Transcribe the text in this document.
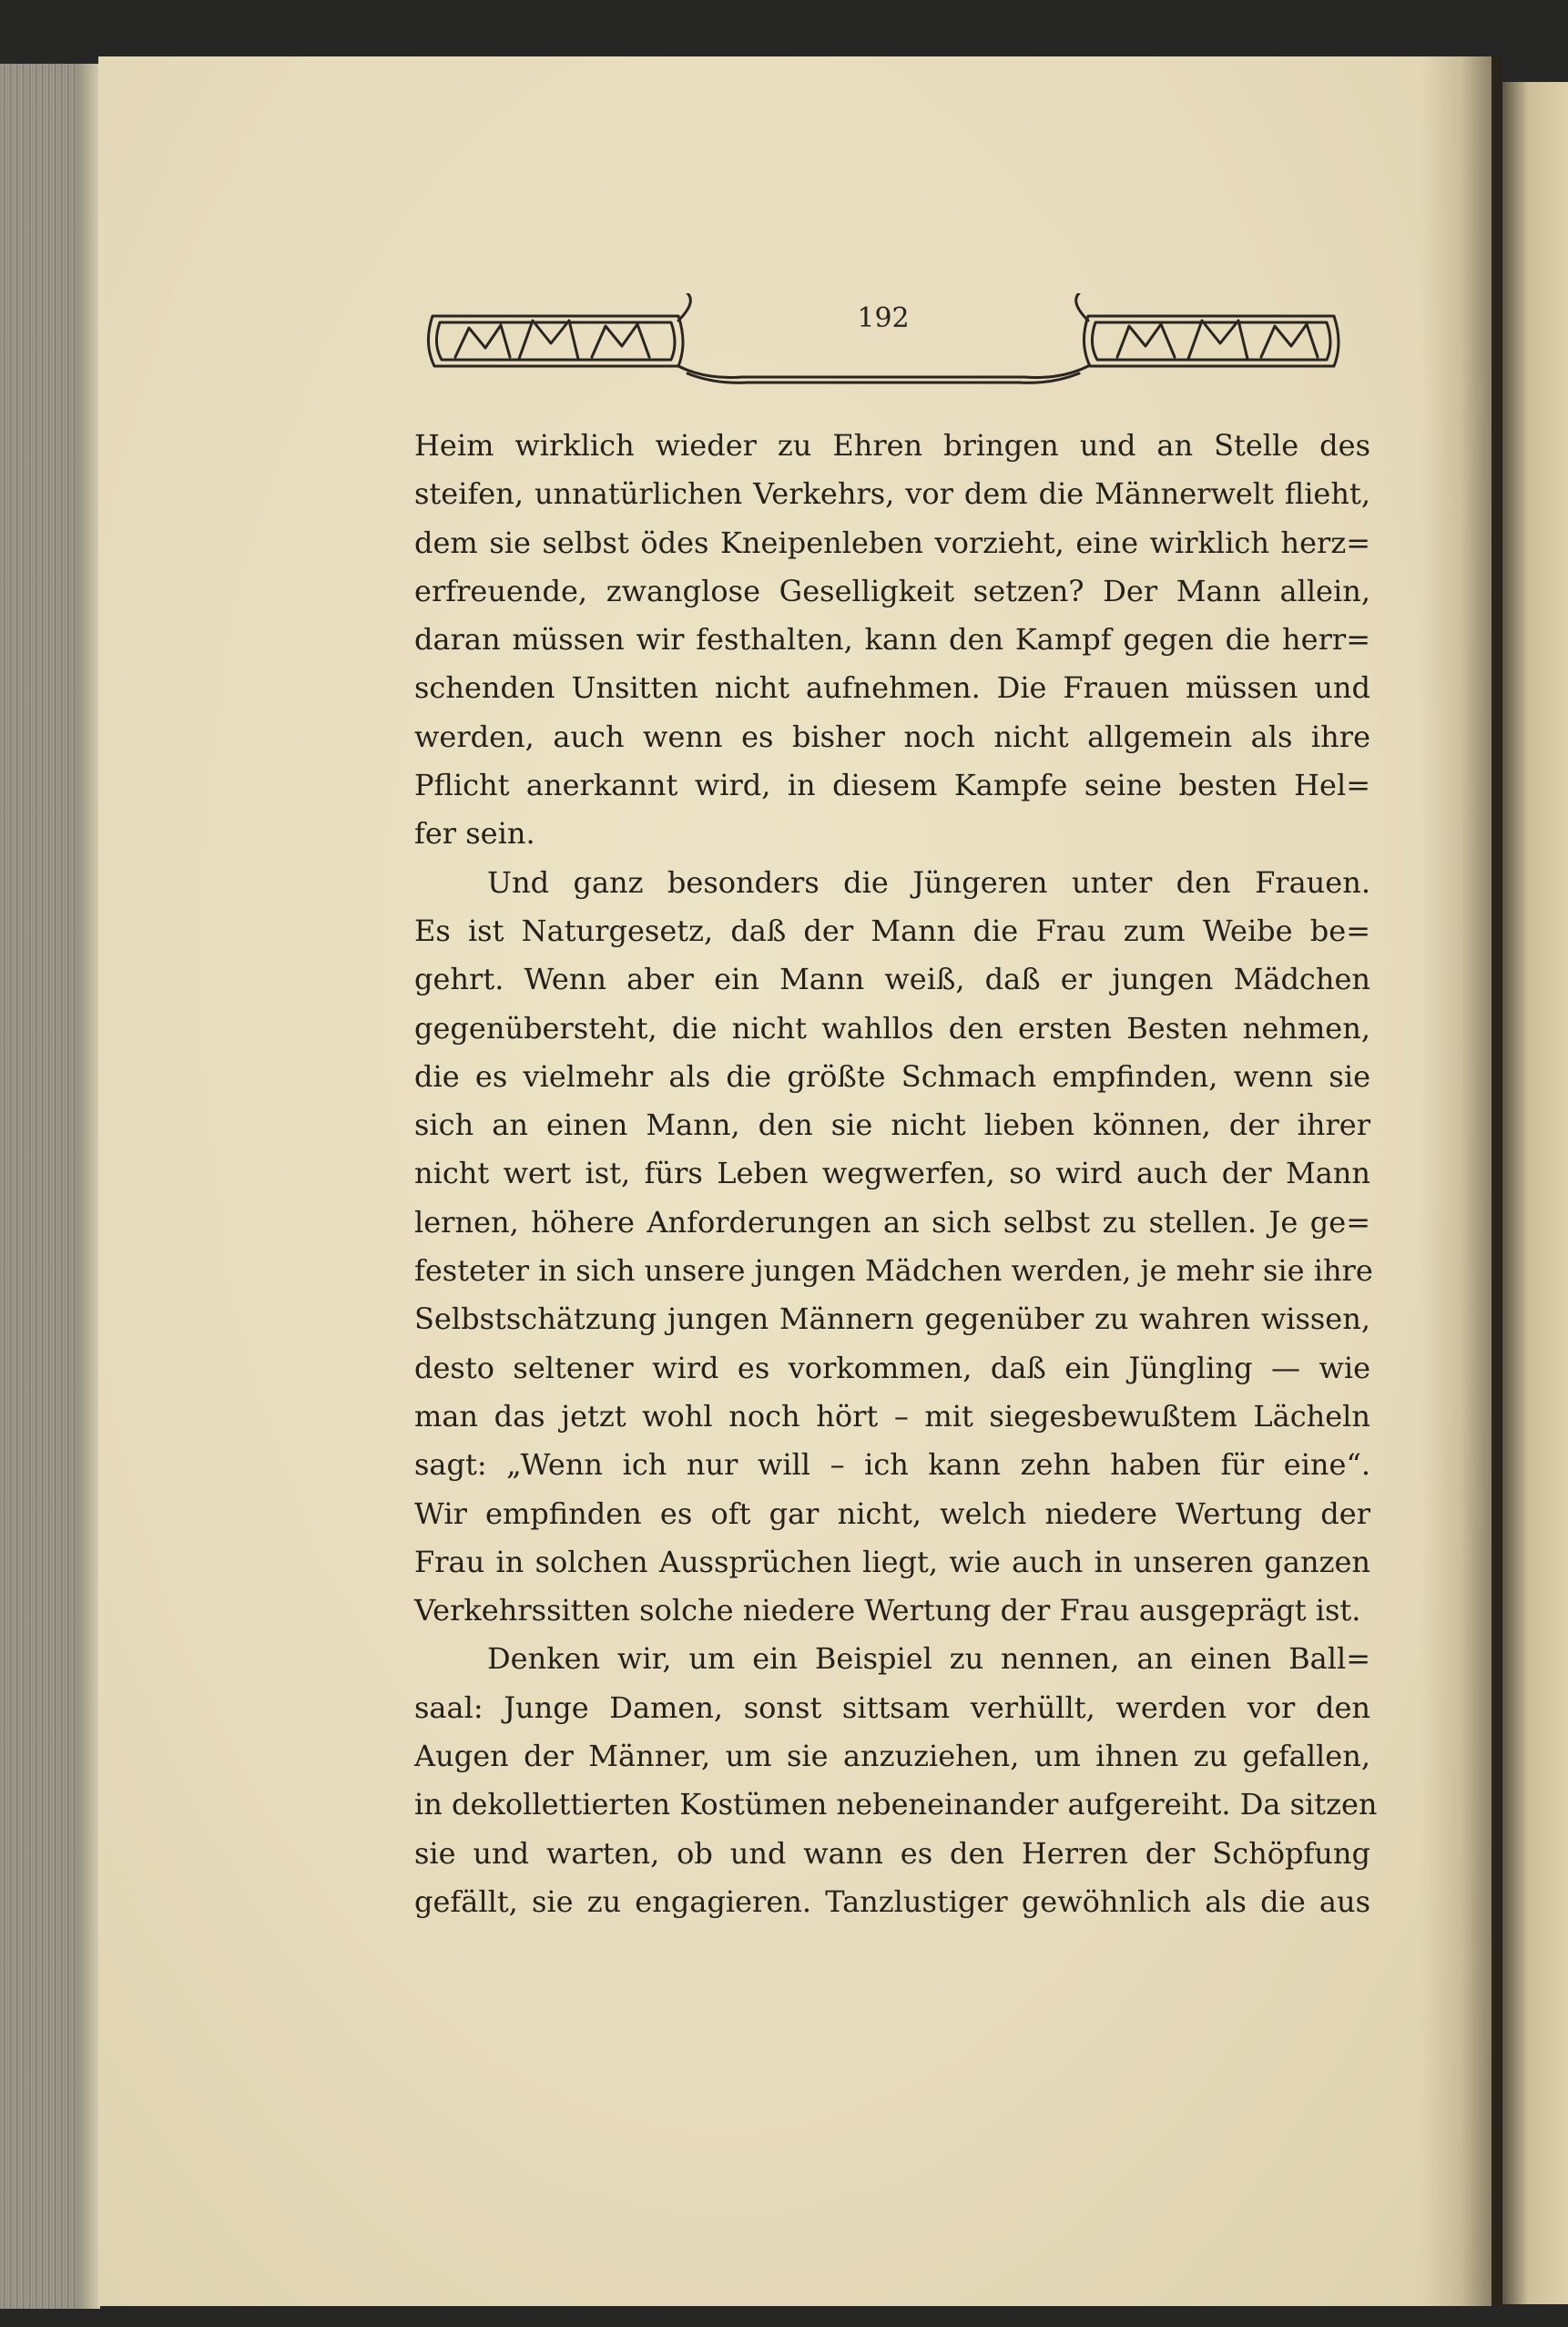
192
Heim wirklich wieder zu Ehren bringen und an Stelle des
steifen, unnatürlichen Verkehrs, vor dem die Männerwelt flieht,
dem sie selbst ödes Kneipenleben vorzieht, eine wirklich herz=
erfreuende, zwanglose Geselligkeit setzen? Der Mann allein,
daran müssen wir festhalten, kann den Kampf gegen die herr=
schenden Unsitten nicht aufnehmen. Die Frauen müssen und
werden, auch wenn es bisher noch nicht allgemein als ihre
Pflicht anerkannt wird, in diesem Kampfe seine besten Hel=
fer sein.
Und ganz besonders die Jüngeren unter den Frauen.
Es ist Naturgesetz, daß der Mann die Frau zum Weibe be=
gehrt. Wenn aber ein Mann weiß, daß er jungen Mädchen
gegenübersteht, die nicht wahllos den ersten Besten nehmen,
die es vielmehr als die größte Schmach empfinden, wenn sie
sich an einen Mann, den sie nicht lieben können, der ihrer
nicht wert ist, fürs Leben wegwerfen, so wird auch der Mann
lernen, höhere Anforderungen an sich selbst zu stellen. Je ge=
festeter in sich unsere jungen Mädchen werden, je mehr sie ihre
Selbstschätzung jungen Männern gegenüber zu wahren wissen,
desto seltener wird es vorkommen, daß ein Jüngling — wie
man das jetzt wohl noch hört – mit siegesbewußtem Lächeln
sagt: „Wenn ich nur will – ich kann zehn haben für eine“.
Wir empfinden es oft gar nicht, welch niedere Wertung der
Frau in solchen Aussprüchen liegt, wie auch in unseren ganzen
Verkehrssitten solche niedere Wertung der Frau ausgeprägt ist.
Denken wir, um ein Beispiel zu nennen, an einen Ball=
saal: Junge Damen, sonst sittsam verhüllt, werden vor den
Augen der Männer, um sie anzuziehen, um ihnen zu gefallen,
in dekollettierten Kostümen nebeneinander aufgereiht. Da sitzen
sie und warten, ob und wann es den Herren der Schöpfung
gefällt, sie zu engagieren. Tanzlustiger gewöhnlich als die aus
